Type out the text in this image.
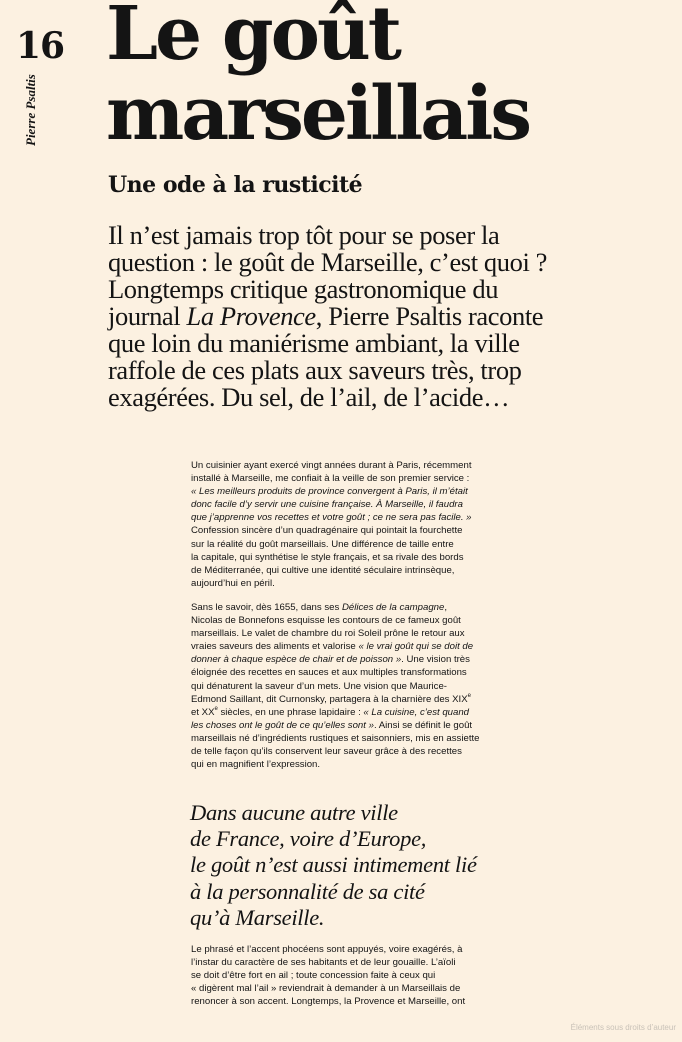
16
Pierre Psaltis
Le goût
marseillais
Une ode à la rusticité

Il n’est jamais trop tôt pour se poser la
question : le goût de Marseille, c’est quoi ?
Longtemps critique gastronomique du
journal La Provence, Pierre Psaltis raconte
que loin du maniérisme ambiant, la ville
raffole de ces plats aux saveurs très, trop
exagérées. Du sel, de l’ail, de l’acide…

Un cuisinier ayant exercé vingt années durant à Paris, récemment
installé à Marseille, me confiait à la veille de son premier service :
« Les meilleurs produits de province convergent à Paris, il m’était
donc facile d’y servir une cuisine française. À Marseille, il faudra
que j’apprenne vos recettes et votre goût ; ce ne sera pas facile. »
Confession sincère d’un quadragénaire qui pointait la fourchette
sur la réalité du goût marseillais. Une différence de taille entre
la capitale, qui synthétise le style français, et sa rivale des bords
de Méditerranée, qui cultive une identité séculaire intrinsèque,
aujourd’hui en péril.

Sans le savoir, dès 1655, dans ses Délices de la campagne,
Nicolas de Bonnefons esquisse les contours de ce fameux goût
marseillais. Le valet de chambre du roi Soleil prône le retour aux
vraies saveurs des aliments et valorise « le vrai goût qui se doit de
donner à chaque espèce de chair et de poisson ». Une vision très
éloignée des recettes en sauces et aux multiples transformations
qui dénaturent la saveur d’un mets. Une vision que Maurice-
Edmond Saillant, dit Curnonsky, partagera à la charnière des XIXe
et XXe siècles, en une phrase lapidaire : « La cuisine, c’est quand
les choses ont le goût de ce qu’elles sont ». Ainsi se définit le goût
marseillais né d’ingrédients rustiques et saisonniers, mis en assiette
de telle façon qu’ils conservent leur saveur grâce à des recettes
qui en magnifient l’expression.

Dans aucune autre ville
de France, voire d’Europe,
le goût n’est aussi intimement lié
à la personnalité de sa cité
qu’à Marseille.

Le phrasé et l’accent phocéens sont appuyés, voire exagérés, à
l’instar du caractère de ses habitants et de leur gouaille. L’aïoli
se doit d’être fort en ail ; toute concession faite à ceux qui
« digèrent mal l’ail » reviendrait à demander à un Marseillais de
renoncer à son accent. Longtemps, la Provence et Marseille, ont

Éléments sous droits d’auteur
